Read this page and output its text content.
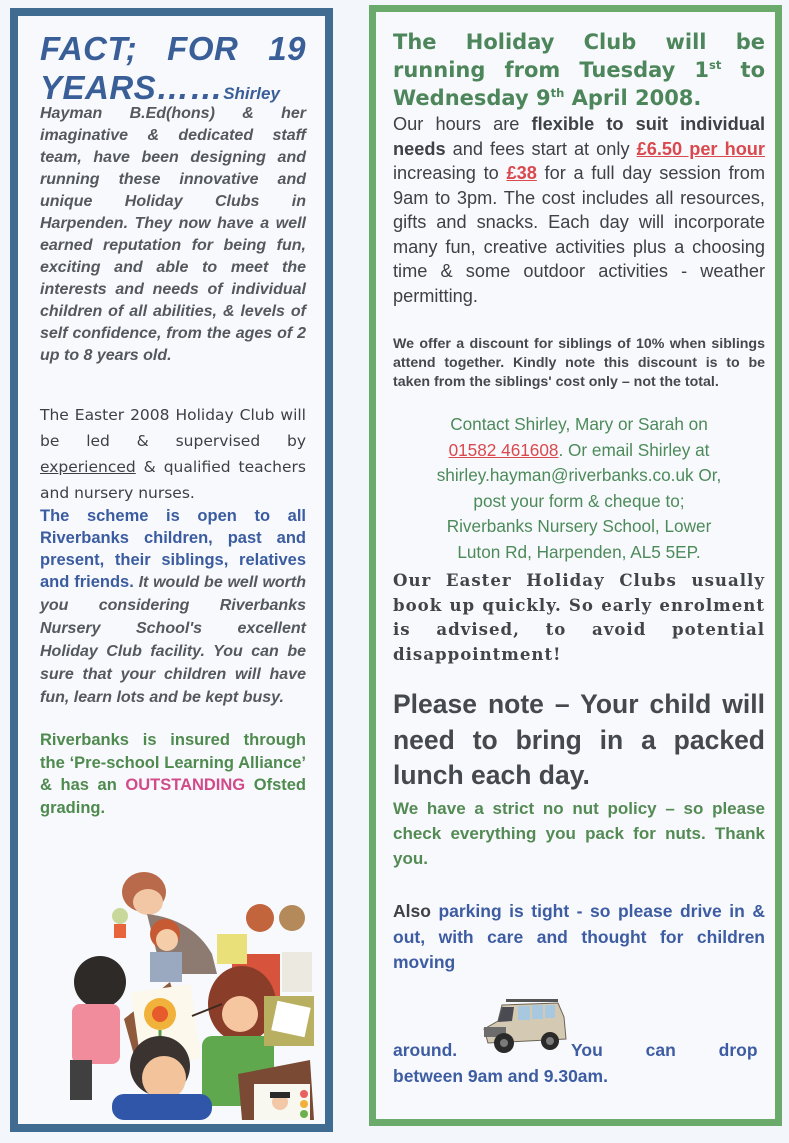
FACT; FOR 19
YEARS……Shirley
Hayman B.Ed(hons) & her imaginative & dedicated staff team, have been designing and running these innovative and unique Holiday Clubs in Harpenden. They now have a well earned reputation for being fun, exciting and able to meet the interests and needs of individual children of all abilities, & levels of self confidence, from the ages of 2 up to 8 years old.
The Easter 2008 Holiday Club will be led & supervised by experienced & qualified teachers and nursery nurses.
The scheme is open to all Riverbanks children, past and present, their siblings, relatives and friends. It would be well worth you considering Riverbanks Nursery School's excellent Holiday Club facility. You can be sure that your children will have fun, learn lots and be kept busy.
Riverbanks is insured through the ‘Pre-school Learning Alliance’ & has an OUTSTANDING Ofsted grading.
The Holiday Club will be running from Tuesday 1st to Wednesday 9th April 2008.
Our hours are flexible to suit individual needs and fees start at only £6.50 per hour increasing to £38 for a full day session from 9am to 3pm. The cost includes all resources, gifts and snacks. Each day will incorporate many fun, creative activities plus a choosing time & some outdoor activities - weather permitting.
We offer a discount for siblings of 10% when siblings attend together. Kindly note this discount is to be taken from the siblings' cost only – not the total.
Contact Shirley, Mary or Sarah on
01582 461608. Or email Shirley at
shirley.hayman@riverbanks.co.uk Or,
post your form & cheque to;
Riverbanks Nursery School, Lower
Luton Rd, Harpenden, AL5 5EP.
Our Easter Holiday Clubs usually book up quickly. So early enrolment is advised, to avoid potential disappointment!
Please note – Your child will need to bring in a packed lunch each day.
We have a strict no nut policy – so please check everything you pack for nuts. Thank you.
Also parking is tight - so please drive in & out, with care and thought for children moving
around.	You can drop
between 9am and 9.30am.
